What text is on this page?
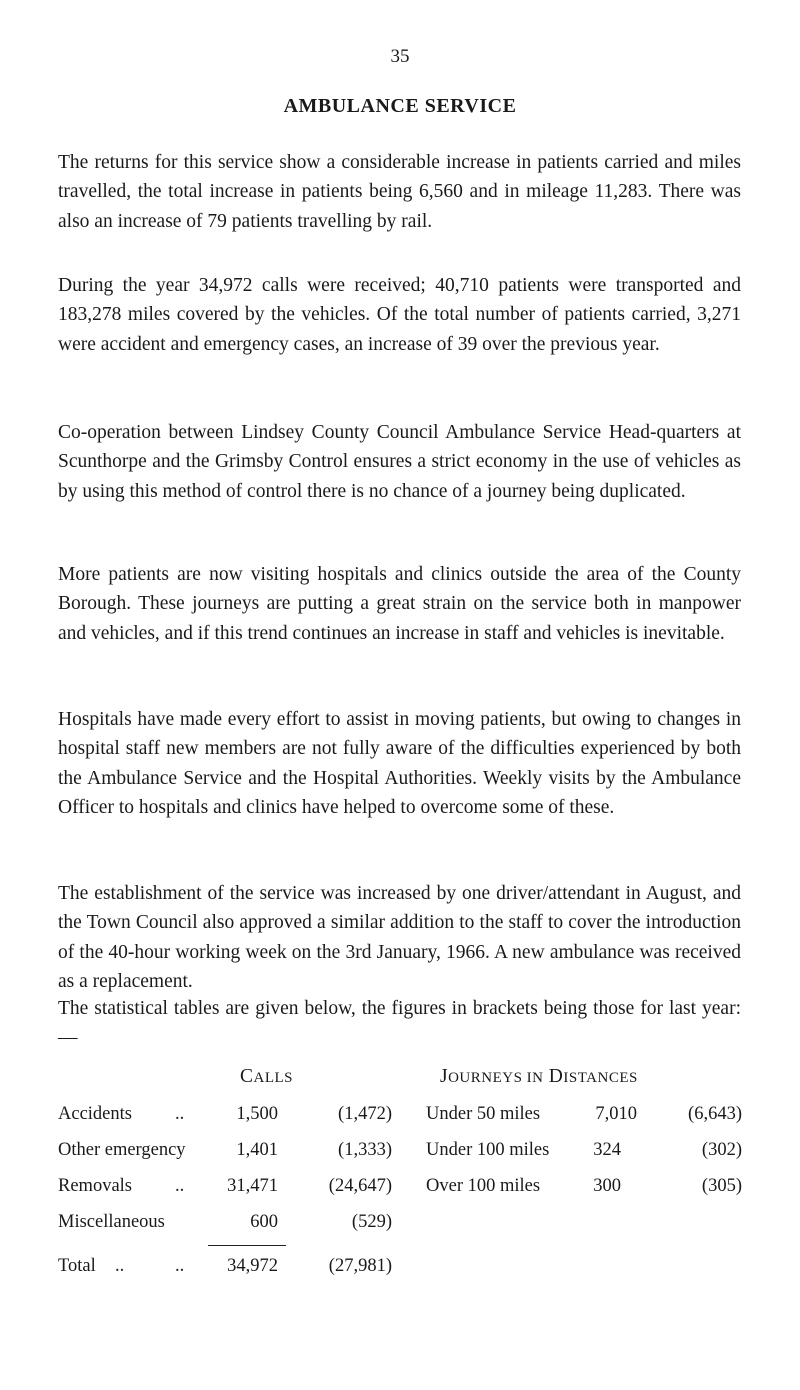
35
AMBULANCE SERVICE

The returns for this service show a considerable increase in patients carried and miles travelled, the total increase in patients being 6,560 and in mileage 11,283. There was also an increase of 79 patients travelling by rail.

During the year 34,972 calls were received; 40,710 patients were transported and 183,278 miles covered by the vehicles. Of the total number of patients carried, 3,271 were accident and emergency cases, an increase of 39 over the previous year.

Co-operation between Lindsey County Council Ambulance Service Head-quarters at Scunthorpe and the Grimsby Control ensures a strict economy in the use of vehicles as by using this method of control there is no chance of a journey being duplicated.

More patients are now visiting hospitals and clinics outside the area of the County Borough. These journeys are putting a great strain on the service both in manpower and vehicles, and if this trend continues an increase in staff and vehicles is inevitable.

Hospitals have made every effort to assist in moving patients, but owing to changes in hospital staff new members are not fully aware of the difficulties experienced by both the Ambulance Service and the Hospital Authorities. Weekly visits by the Ambulance Officer to hospitals and clinics have helped to overcome some of these.

The establishment of the service was increased by one driver/attendant in August, and the Town Council also approved a similar addition to the staff to cover the introduction of the 40-hour working week on the 3rd January, 1966. A new ambulance was received as a replacement.

The statistical tables are given below, the figures in brackets being those for last year:—

CALLS
Accidents ..	1,500	(1,472)
Other emergency	1,401	(1,333)
Removals ..	31,471	(24,647)
Miscellaneous	600	(529)
Total ..	..	34,972	(27,981)
JOURNEYS IN DISTANCES
Under 50 miles	7,010	(6,643)
Under 100 miles	324	(302)
Over 100 miles	300	(305)
